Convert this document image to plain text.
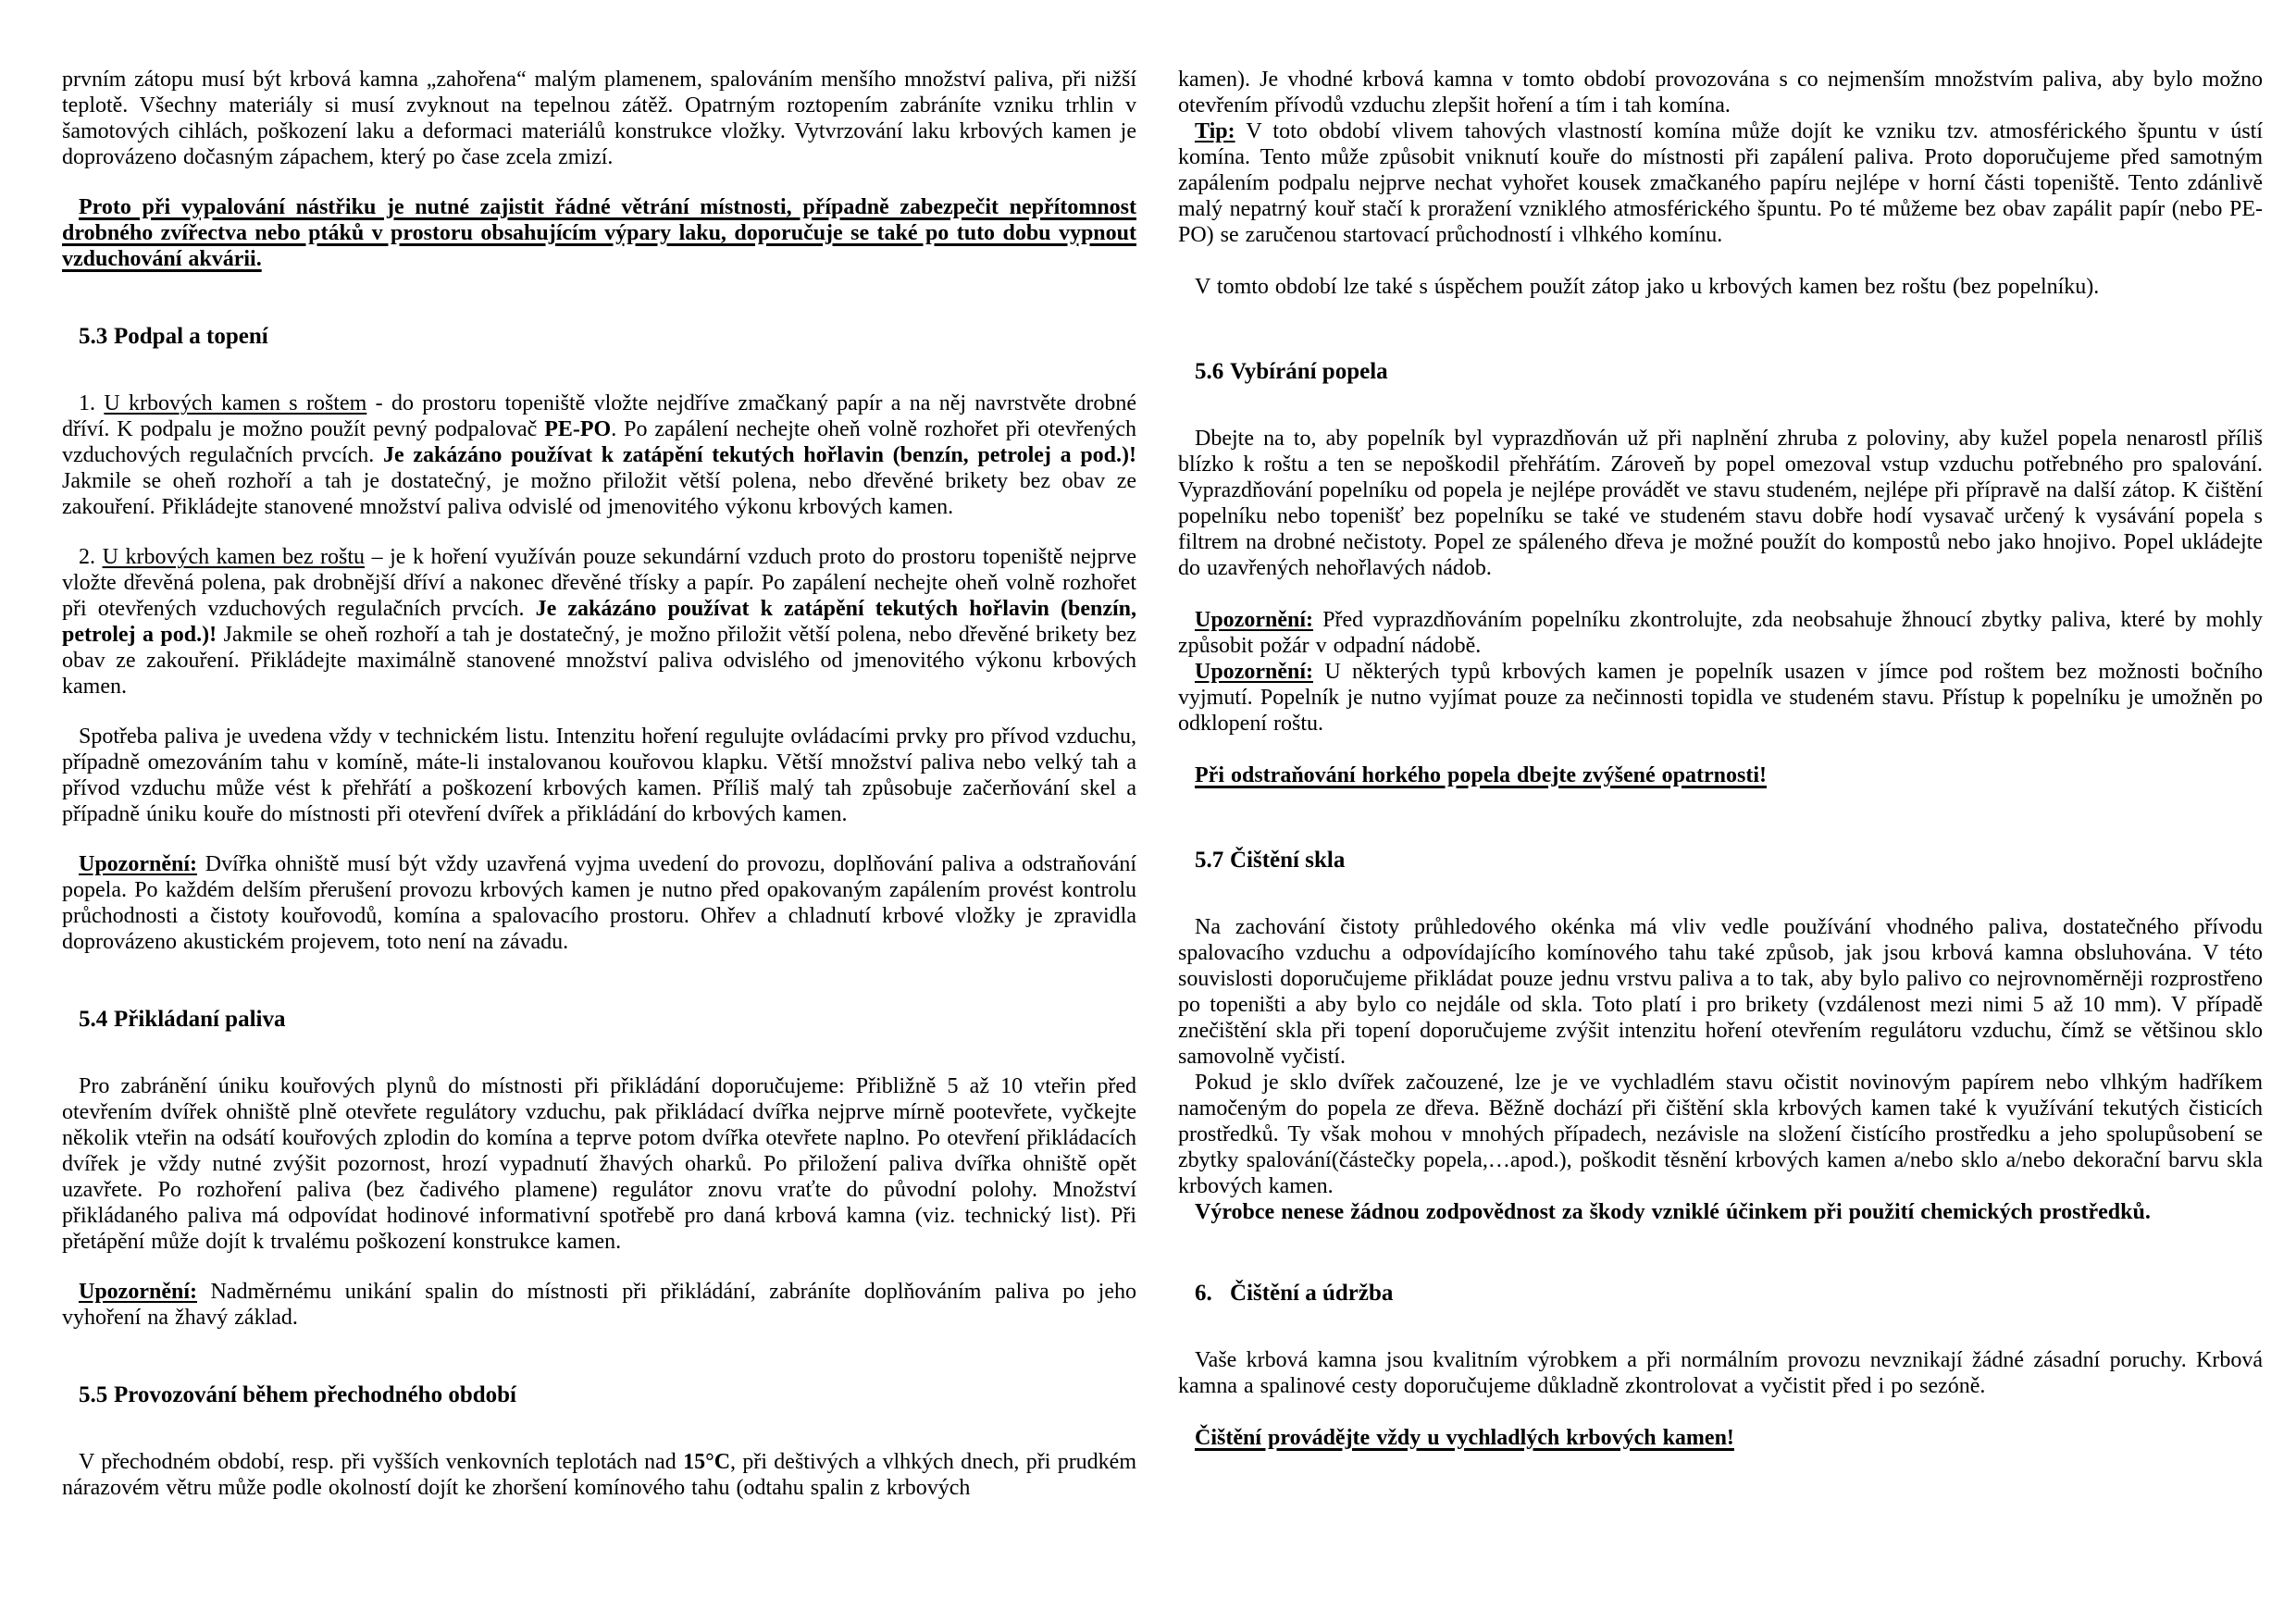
prvním zátopu musí být krbová kamna „zahořena“ malým plamenem, spalováním menšího množství paliva, při nižší teplotě. Všechny materiály si musí zvyknout na tepelnou zátěž. Opatrným roztopením zabráníte vzniku trhlin v šamotových cihlách, poškození laku a deformaci materiálů konstrukce vložky. Vytvrzování laku krbových kamen je doprovázeno dočasným zápachem, který po čase zcela zmizí.

Proto při vypalování nástřiku je nutné zajistit řádné větrání místnosti, případně zabezpečit nepřítomnost drobného zvířectva nebo ptáků v prostoru obsahujícím výpary laku, doporučuje se také po tuto dobu vypnout vzduchování akvárii.

5.3 Podpal a topení

1. U krbových kamen s roštem - do prostoru topeniště vložte nejdříve zmačkaný papír a na něj navrstvěte drobné dříví. K podpalu je možno použít pevný podpalovač PE-PO. Po zapálení nechejte oheň volně rozhořet při otevřených vzduchových regulačních prvcích. Je zakázáno používat k zatápění tekutých hořlavin (benzín, petrolej a pod.)! Jakmile se oheň rozhoří a tah je dostatečný, je možno přiložit větší polena, nebo dřevěné brikety bez obav ze zakouření. Přikládejte stanovené množství paliva odvislé od jmenovitého výkonu krbových kamen.

2. U krbových kamen bez roštu – je k hoření využíván pouze sekundární vzduch proto do prostoru topeniště nejprve vložte dřevěná polena, pak drobnější dříví a nakonec dřevěné třísky a papír. Po zapálení nechejte oheň volně rozhořet při otevřených vzduchových regulačních prvcích. Je zakázáno používat k zatápění tekutých hořlavin (benzín, petrolej a pod.)! Jakmile se oheň rozhoří a tah je dostatečný, je možno přiložit větší polena, nebo dřevěné brikety bez obav ze zakouření. Přikládejte maximálně stanovené množství paliva odvislého od jmenovitého výkonu krbových kamen.

Spotřeba paliva je uvedena vždy v technickém listu. Intenzitu hoření regulujte ovládacími prvky pro přívod vzduchu, případně omezováním tahu v komíně, máte-li instalovanou kouřovou klapku. Větší množství paliva nebo velký tah a přívod vzduchu může vést k přehřátí a poškození krbových kamen. Příliš malý tah způsobuje začerňování skel a případně úniku kouře do místnosti při otevření dvířek a přikládání do krbových kamen.

Upozornění: Dvířka ohniště musí být vždy uzavřená vyjma uvedení do provozu, doplňování paliva a odstraňování popela. Po každém delším přerušení provozu krbových kamen je nutno před opakovaným zapálením provést kontrolu průchodnosti a čistoty kouřovodů, komína a spalovacího prostoru. Ohřev a chladnutí krbové vložky je zpravidla doprovázeno akustickém projevem, toto není na závadu.

5.4 Přikládaní paliva

Pro zabránění úniku kouřových plynů do místnosti při přikládání doporučujeme: Přibližně 5 až 10 vteřin před otevřením dvířek ohniště plně otevřete regulátory vzduchu, pak přikládací dvířka nejprve mírně pootevřete, vyčkejte několik vteřin na odsátí kouřových zplodin do komína a teprve potom dvířka otevřete naplno. Po otevření přikládacích dvířek je vždy nutné zvýšit pozornost, hrozí vypadnutí žhavých oharků. Po přiložení paliva dvířka ohniště opět uzavřete. Po rozhoření paliva (bez čadivého plamene) regulátor znovu vraťte do původní polohy. Množství přikládaného paliva má odpovídat hodinové informativní spotřebě pro daná krbová kamna (viz. technický list). Při přetápění může dojít k trvalému poškození konstrukce kamen.

Upozornění: Nadměrnému unikání spalin do místnosti při přikládání, zabráníte doplňováním paliva po jeho vyhoření na žhavý základ.

5.5 Provozování během přechodného období

V přechodném období, resp. při vyšších venkovních teplotách nad 15°C, při deštivých a vlhkých dnech, při prudkém nárazovém větru může podle okolností dojít ke zhoršení komínového tahu (odtahu spalin z krbových

kamen). Je vhodné krbová kamna v tomto období provozována s co nejmenším množstvím paliva, aby bylo možno otevřením přívodů vzduchu zlepšit hoření a tím i tah komína.

Tip: V toto období vlivem tahových vlastností komína může dojít ke vzniku tzv. atmosférického špuntu v ústí komína. Tento může způsobit vniknutí kouře do místnosti při zapálení paliva. Proto doporučujeme před samotným zapálením podpalu nejprve nechat vyhořet kousek zmačkaného papíru nejlépe v horní části topeniště. Tento zdánlivě malý nepatrný kouř stačí k proražení vzniklého atmosférického špuntu. Po té můžeme bez obav zapálit papír (nebo PE-PO) se zaručenou startovací průchodností i vlhkého komínu.

V tomto období lze také s úspěchem použít zátop jako u krbových kamen bez roštu (bez popelníku).

5.6 Vybírání popela

Dbejte na to, aby popelník byl vyprazdňován už při naplnění zhruba z poloviny, aby kužel popela nenarostl příliš blízko k roštu a ten se nepoškodil přehřátím. Zároveň by popel omezoval vstup vzduchu potřebného pro spalování. Vyprazdňování popelníku od popela je nejlépe provádět ve stavu studeném, nejlépe při přípravě na další zátop. K čištění popelníku nebo topenišť bez popelníku se také ve studeném stavu dobře hodí vysavač určený k vysávání popela s filtrem na drobné nečistoty. Popel ze spáleného dřeva je možné použít do kompostů nebo jako hnojivo. Popel ukládejte do uzavřených nehořlavých nádob.

Upozornění: Před vyprazdňováním popelníku zkontrolujte, zda neobsahuje žhnoucí zbytky paliva, které by mohly způsobit požár v odpadní nádobě.

Upozornění: U některých typů krbových kamen je popelník usazen v jímce pod roštem bez možnosti bočního vyjmutí. Popelník je nutno vyjímat pouze za nečinnosti topidla ve studeném stavu. Přístup k popelníku je umožněn po odklopení roštu.

Při odstraňování horkého popela dbejte zvýšené opatrnosti!

5.7 Čištění skla

Na zachování čistoty průhledového okénka má vliv vedle používání vhodného paliva, dostatečného přívodu spalovacího vzduchu a odpovídajícího komínového tahu také způsob, jak jsou krbová kamna obsluhována. V této souvislosti doporučujeme přikládat pouze jednu vrstvu paliva a to tak, aby bylo palivo co nejrovnoměrněji rozprostřeno po topeništi a aby bylo co nejdále od skla. Toto platí i pro brikety (vzdálenost mezi nimi 5 až 10 mm). V případě znečištění skla při topení doporučujeme zvýšit intenzitu hoření otevřením regulátoru vzduchu, čímž se většinou sklo samovolně vyčistí.

Pokud je sklo dvířek začouzené, lze je ve vychladlém stavu očistit novinovým papírem nebo vlhkým hadříkem namočeným do popela ze dřeva. Běžně dochází při čištění skla krbových kamen také k využívání tekutých čisticích prostředků. Ty však mohou v mnohých případech, nezávisle na složení čistícího prostředku a jeho spolupůsobení se zbytky spalování(částečky popela,…apod.), poškodit těsnění krbových kamen a/nebo sklo a/nebo dekorační barvu skla krbových kamen.

Výrobce nenese žádnou zodpovědnost za škody vzniklé účinkem při použití chemických prostředků.

6. Čištění a údržba

Vaše krbová kamna jsou kvalitním výrobkem a při normálním provozu nevznikají žádné zásadní poruchy. Krbová kamna a spalinové cesty doporučujeme důkladně zkontrolovat a vyčistit před i po sezóně.

Čištění provádějte vždy u vychladlých krbových kamen!
